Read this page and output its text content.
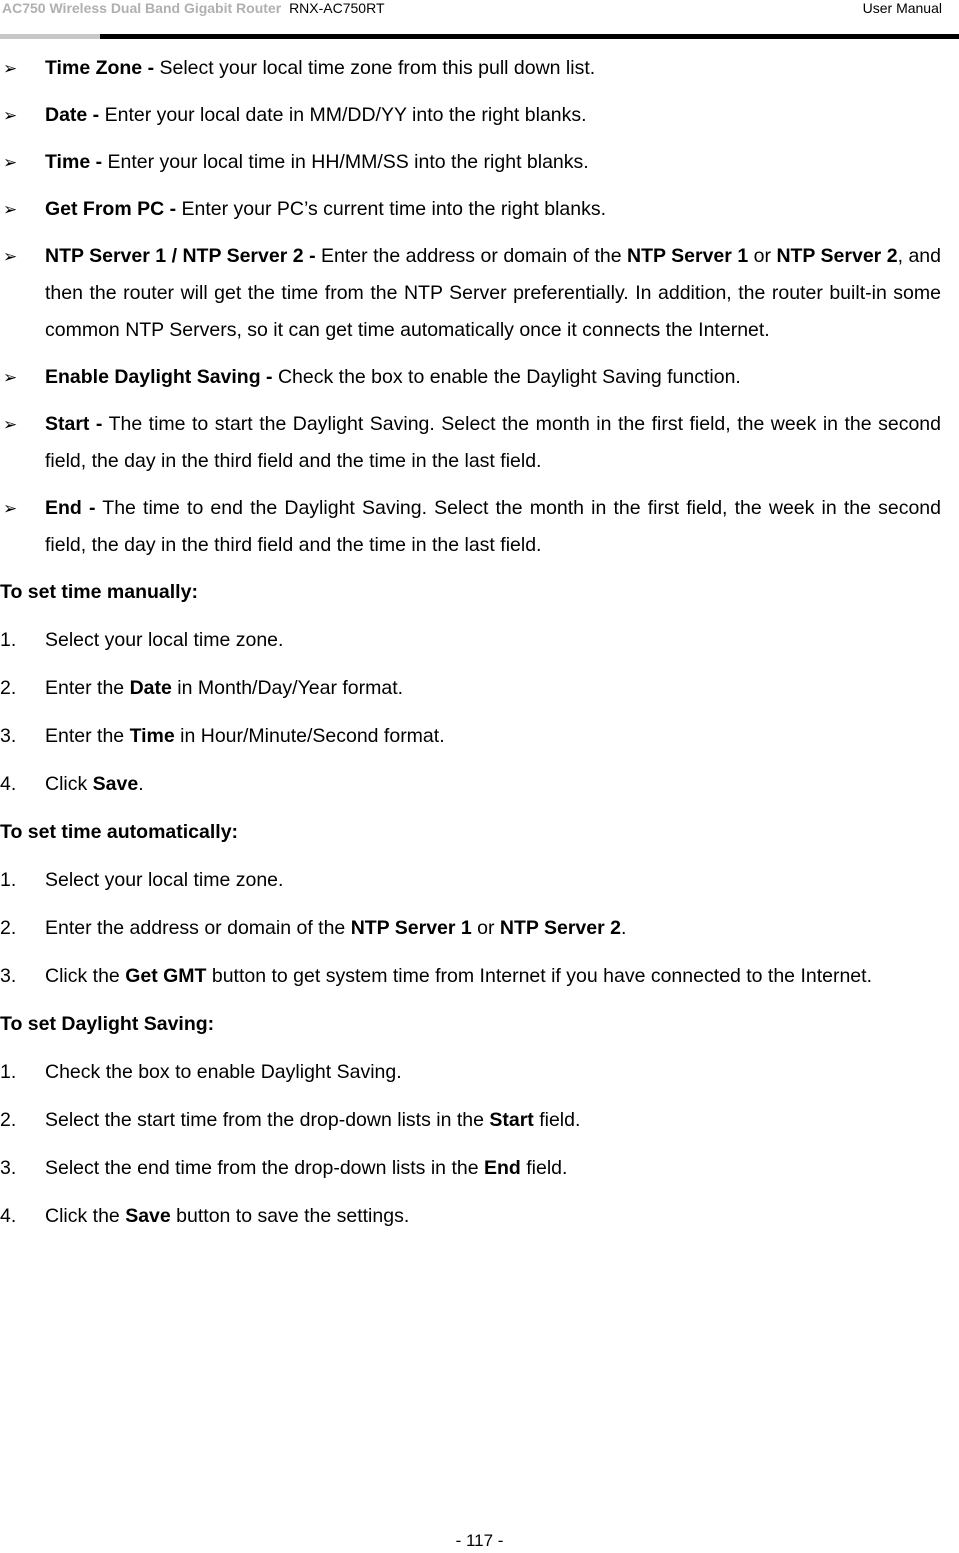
AC750 Wireless Dual Band Gigabit Router RNX-AC750RT	User Manual
➢ Time Zone - Select your local time zone from this pull down list.
➢ Date - Enter your local date in MM/DD/YY into the right blanks.
➢ Time - Enter your local time in HH/MM/SS into the right blanks.
➢ Get From PC - Enter your PC’s current time into the right blanks.
➢ NTP Server 1 / NTP Server 2 - Enter the address or domain of the NTP Server 1 or NTP Server 2, and then the router will get the time from the NTP Server preferentially. In addition, the router built-in some common NTP Servers, so it can get time automatically once it connects the Internet.
➢ Enable Daylight Saving - Check the box to enable the Daylight Saving function.
➢ Start - The time to start the Daylight Saving. Select the month in the first field, the week in the second field, the day in the third field and the time in the last field.
➢ End - The time to end the Daylight Saving. Select the month in the first field, the week in the second field, the day in the third field and the time in the last field.
To set time manually:
1. Select your local time zone.
2. Enter the Date in Month/Day/Year format.
3. Enter the Time in Hour/Minute/Second format.
4. Click Save.
To set time automatically:
1. Select your local time zone.
2. Enter the address or domain of the NTP Server 1 or NTP Server 2.
3. Click the Get GMT button to get system time from Internet if you have connected to the Internet.
To set Daylight Saving:
1. Check the box to enable Daylight Saving.
2. Select the start time from the drop-down lists in the Start field.
3. Select the end time from the drop-down lists in the End field.
4. Click the Save button to save the settings.
- 117 -
